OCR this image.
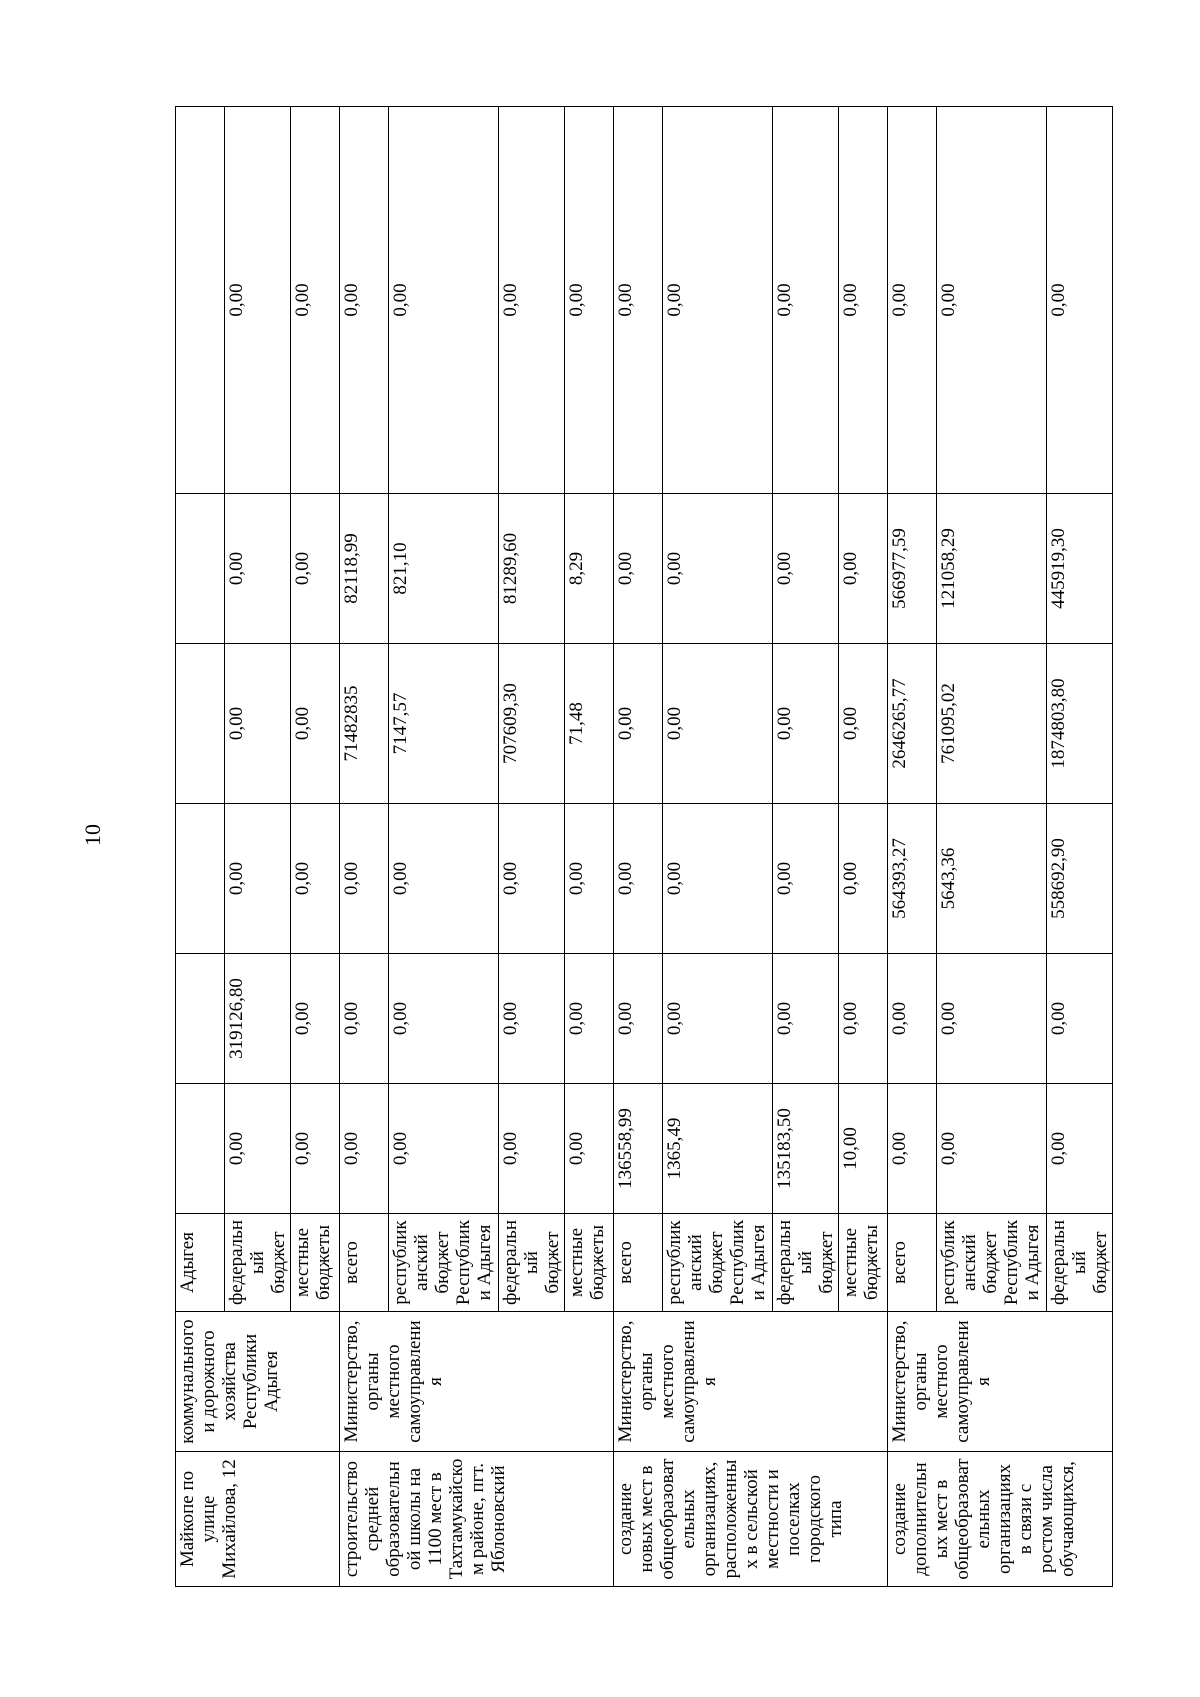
10
Майкопе по улице Михайлова, 12	коммунального и дорожного хозяйства Республики Адыгея	Адыгея						
		федеральный бюджет	0,00	319126,80	0,00	0,00	0,00	0,00
		местные бюджеты	0,00	0,00	0,00	0,00	0,00	0,00
строительство средней образовательной школы на 1100 мест в Тахтамукайском районе, пгт. Яблоновский	Министерство, органы местного самоуправления	всего	0,00	0,00	0,00	71482835	82118,99	0,00
		республиканский бюджет Республики Адыгея	0,00	0,00	0,00	7147,57	821,10	0,00
		федеральный бюджет	0,00	0,00	0,00	707609,30	81289,60	0,00
		местные бюджеты	0,00	0,00	0,00	71,48	8,29	0,00
создание новых мест в общеобразовательных организациях, расположенных в сельской местности и поселках городского типа	Министерство, органы местного самоуправления	всего	136558,99	0,00	0,00	0,00	0,00	0,00
		республиканский бюджет Республики Адыгея	1365,49	0,00	0,00	0,00	0,00	0,00
		федеральный бюджет	135183,50	0,00	0,00	0,00	0,00	0,00
		местные бюджеты	10,00	0,00	0,00	0,00	0,00	0,00
создание дополнительных мест в общеобразовательных организациях в связи с ростом числа обучающихся,	Министерство, органы местного самоуправления	всего	0,00	0,00	564393,27	2646265,77	566977,59	0,00
		республиканский бюджет Республики Адыгея	0,00	0,00	5643,36	761095,02	121058,29	0,00
		федеральный бюджет	0,00	0,00	558692,90	1874803,80	445919,30	0,00
